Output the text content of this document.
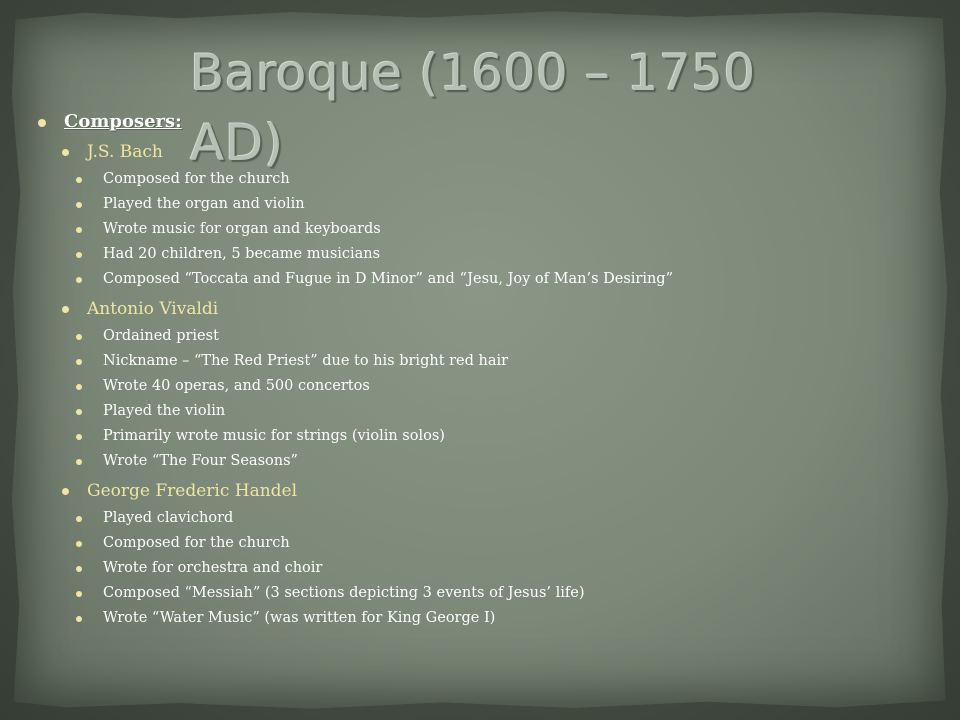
Baroque (1600 – 1750 AD)
Composers:
J.S. Bach
Composed for the church
Played the organ and violin
Wrote music for organ and keyboards
Had 20 children, 5 became musicians
Composed “Toccata and Fugue in D Minor” and “Jesu, Joy of Man’s Desiring”
Antonio Vivaldi
Ordained priest
Nickname – “The Red Priest” due to his bright red hair
Wrote 40 operas, and 500 concertos
Played the violin
Primarily wrote music for strings (violin solos)
Wrote “The Four Seasons”
George Frederic Handel
Played clavichord
Composed for the church
Wrote for orchestra and choir
Composed “Messiah” (3 sections depicting 3 events of Jesus’ life)
Wrote “Water Music” (was written for King George I)
